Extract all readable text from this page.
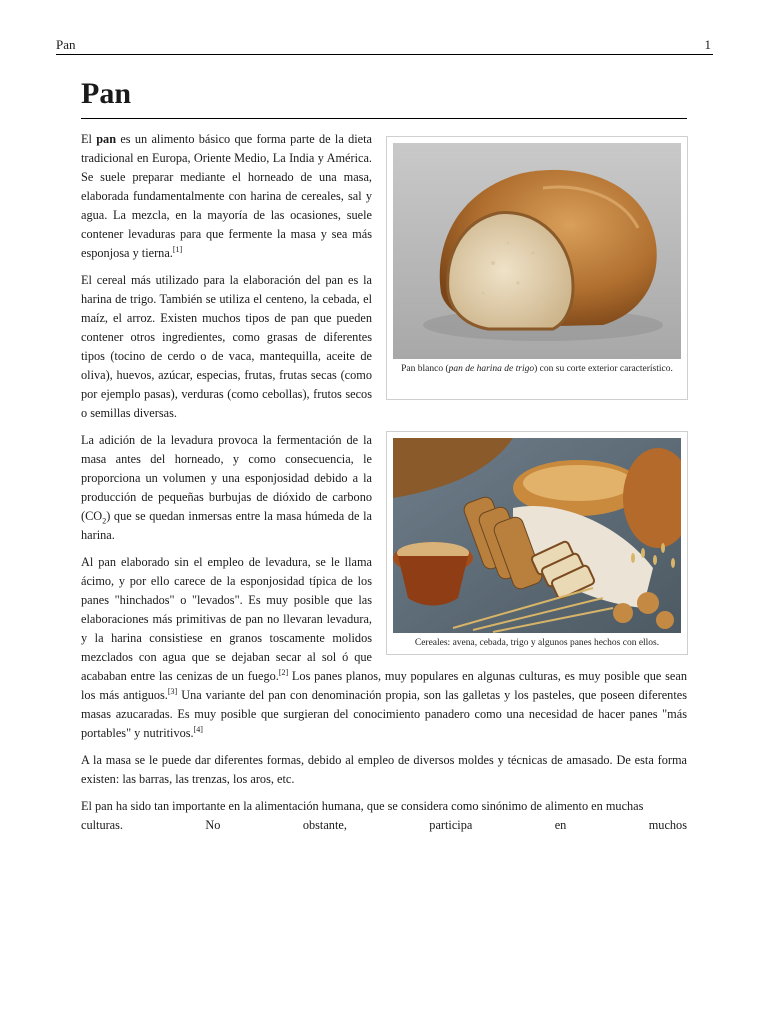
Pan	1
Pan
Pan blanco (pan de harina de trigo) con su corte exterior característico.

El pan es un alimento básico que forma parte de la dieta tradicional en Europa, Oriente Medio, La India y América. Se suele preparar mediante el horneado de una masa, elaborada fundamentalmente con harina de cereales, sal y agua. La mezcla, en la mayoría de las ocasiones, suele contener levaduras para que fermente la masa y sea más esponjosa y tierna.[1]

El cereal más utilizado para la elaboración del pan es la harina de trigo. También se utiliza el centeno, la cebada, el maíz, el arroz. Existen muchos tipos de pan que pueden contener otros ingredientes, como grasas de diferentes tipos (tocino de cerdo o de vaca, mantequilla, aceite de oliva), huevos, azúcar, especias, frutas, frutas secas (como por ejemplo pasas), verduras (como cebollas), frutos secos o semillas diversas.

Cereales: avena, cebada, trigo y algunos panes hechos con ellos.

La adición de la levadura provoca la fermentación de la masa antes del horneado, y como consecuencia, le proporciona un volumen y una esponjosidad debido a la producción de pequeñas burbujas de dióxido de carbono $(CO_2)$ que se quedan inmersas entre la masa húmeda de la harina.

Al pan elaborado sin el empleo de levadura, se le llama ácimo, y por ello carece de la esponjosidad típica de los panes "hinchados" o "levados". Es muy posible que las elaboraciones más primitivas de pan no llevaran levadura, y la harina consistiese en granos toscamente molidos mezclados con agua que se dejaban secar al sol ó que acababan entre las cenizas de un fuego.[2] Los panes planos, muy populares en algunas culturas, es muy posible que sean los más antiguos.[3] Una variante del pan con denominación propia, son las galletas y los pasteles, que poseen diferentes masas azucaradas. Es muy posible que surgieran del conocimiento panadero como una necesidad de hacer panes "más portables" y nutritivos.[4]

A la masa se le puede dar diferentes formas, debido al empleo de diversos moldes y técnicas de amasado. De esta forma existen: las barras, las trenzas, los aros, etc.

El pan ha sido tan importante en la alimentación humana, que se considera como sinónimo de alimento en muchas

culturas. No obstante, participa en muchos
